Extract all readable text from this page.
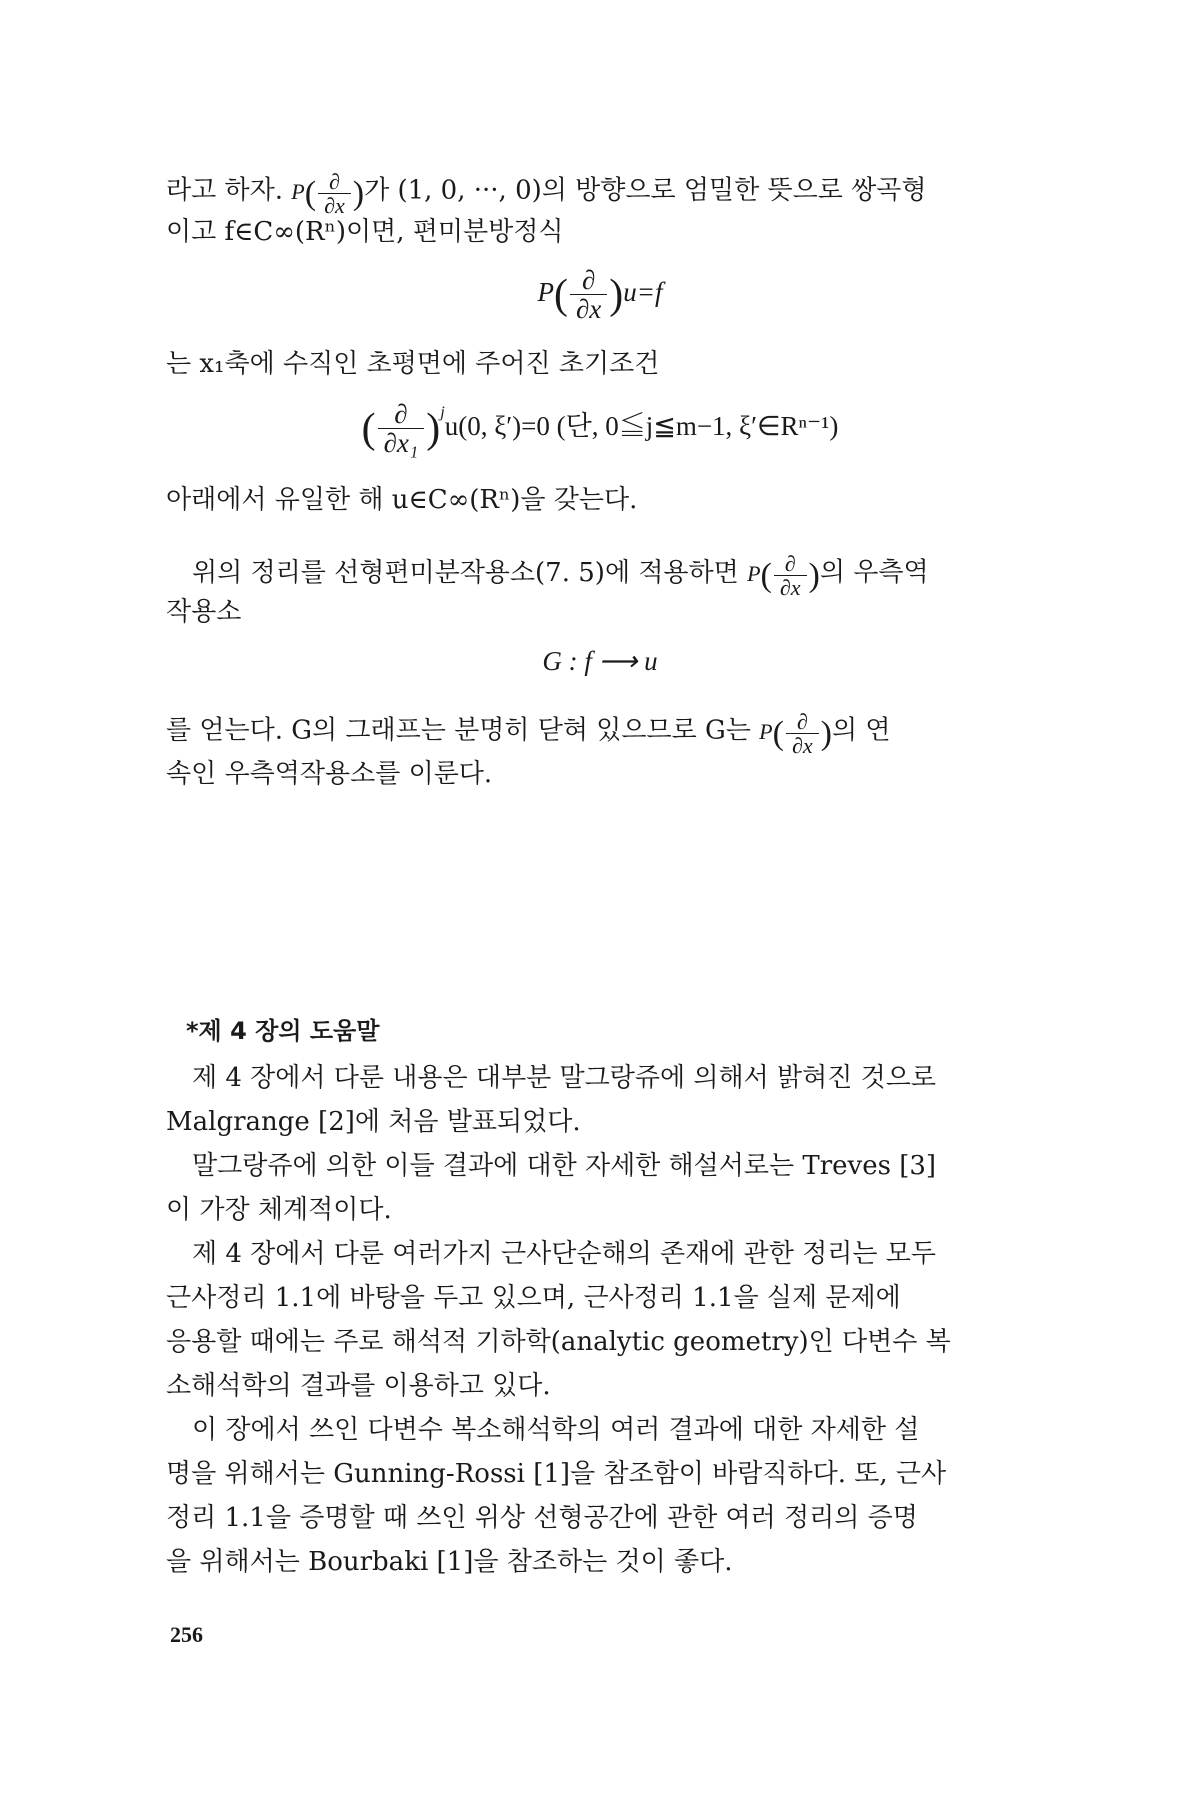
라고 하자. $P( \frac{\partial}{\partial x}$ )가 (1, 0, ···, 0)의 방향으로 엄밀한 뜻으로 쌍곡형
이고 f∈C∞(Rⁿ)이면, 편미분방정식
$P( \frac{\partial}{\partial x} )u=f$
는 x₁축에 수직인 초평면에 주어진 초기조건
( $\frac{\partial}{\text{∂x₁}} )^ju(0$, ξ′)=0 (단, 0≦j≦m−1, ξ′∈Rⁿ⁻¹)
아래에서 유일한 해 u∈C∞(Rⁿ)을 갖는다.
위의 정리를 선형편미분작용소(7. 5)에 적용하면 $P( \frac{\partial}{\partial x}$ )의 우측역
작용소
G : f ⟶ u
를 얻는다. G의 그래프는 분명히 닫혀 있으므로 G는 $P( \frac{\partial}{\partial x}$ )의 연
속인 우측역작용소를 이룬다.
*제 4 장의 도움말
제 4 장에서 다룬 내용은 대부분 말그랑쥬에 의해서 밝혀진 것으로
Malgrange [2]에 처음 발표되었다.
말그랑쥬에 의한 이들 결과에 대한 자세한 해설서로는 Treves [3]
이 가장 체계적이다.
제 4 장에서 다룬 여러가지 근사단순해의 존재에 관한 정리는 모두
근사정리 1.1에 바탕을 두고 있으며, 근사정리 1.1을 실제 문제에
응용할 때에는 주로 해석적 기하학(analytic geometry)인 다변수 복
소해석학의 결과를 이용하고 있다.
이 장에서 쓰인 다변수 복소해석학의 여러 결과에 대한 자세한 설
명을 위해서는 Gunning-Rossi [1]을 참조함이 바람직하다. 또, 근사
정리 1.1을 증명할 때 쓰인 위상 선형공간에 관한 여러 정리의 증명
을 위해서는 Bourbaki [1]을 참조하는 것이 좋다.
256
